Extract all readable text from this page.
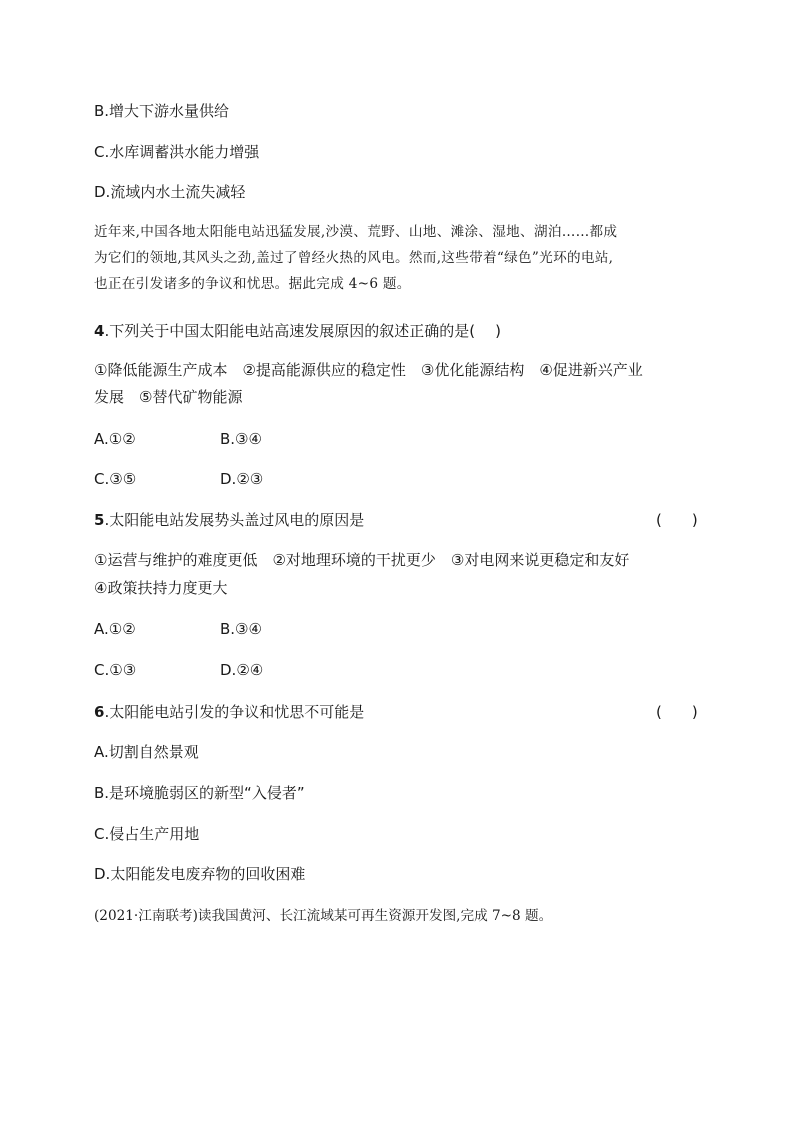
B.增大下游水量供给
C.水库调蓄洪水能力增强
D.流域内水土流失减轻

近年来,中国各地太阳能电站迅猛发展,沙漠、荒野、山地、滩涂、湿地、湖泊……都成

为它们的领地,其风头之劲,盖过了曾经火热的风电。然而,这些带着“绿色”光环的电站,

也正在引发诸多的争议和忧思。据此完成 4~6 题。

4.下列关于中国太阳能电站高速发展原因的叙述正确的是( )
①降低能源生产成本　②提高能源供应的稳定性　③优化能源结构　④促进新兴产业
发展　⑤替代矿物能源
A.①②	B.③④
C.③⑤	D.②③
5.太阳能电站发展势头盖过风电的原因是	(　　)
①运营与维护的难度更低　②对地理环境的干扰更少　③对电网来说更稳定和友好
④政策扶持力度更大
A.①②	B.③④
C.①③	D.②④
6.太阳能电站引发的争议和忧思不可能是	(　　)
A.切割自然景观
B.是环境脆弱区的新型“入侵者”
C.侵占生产用地
D.太阳能发电废弃物的回收困难
(2021·江南联考)读我国黄河、长江流域某可再生资源开发图,完成 7~8 题。
